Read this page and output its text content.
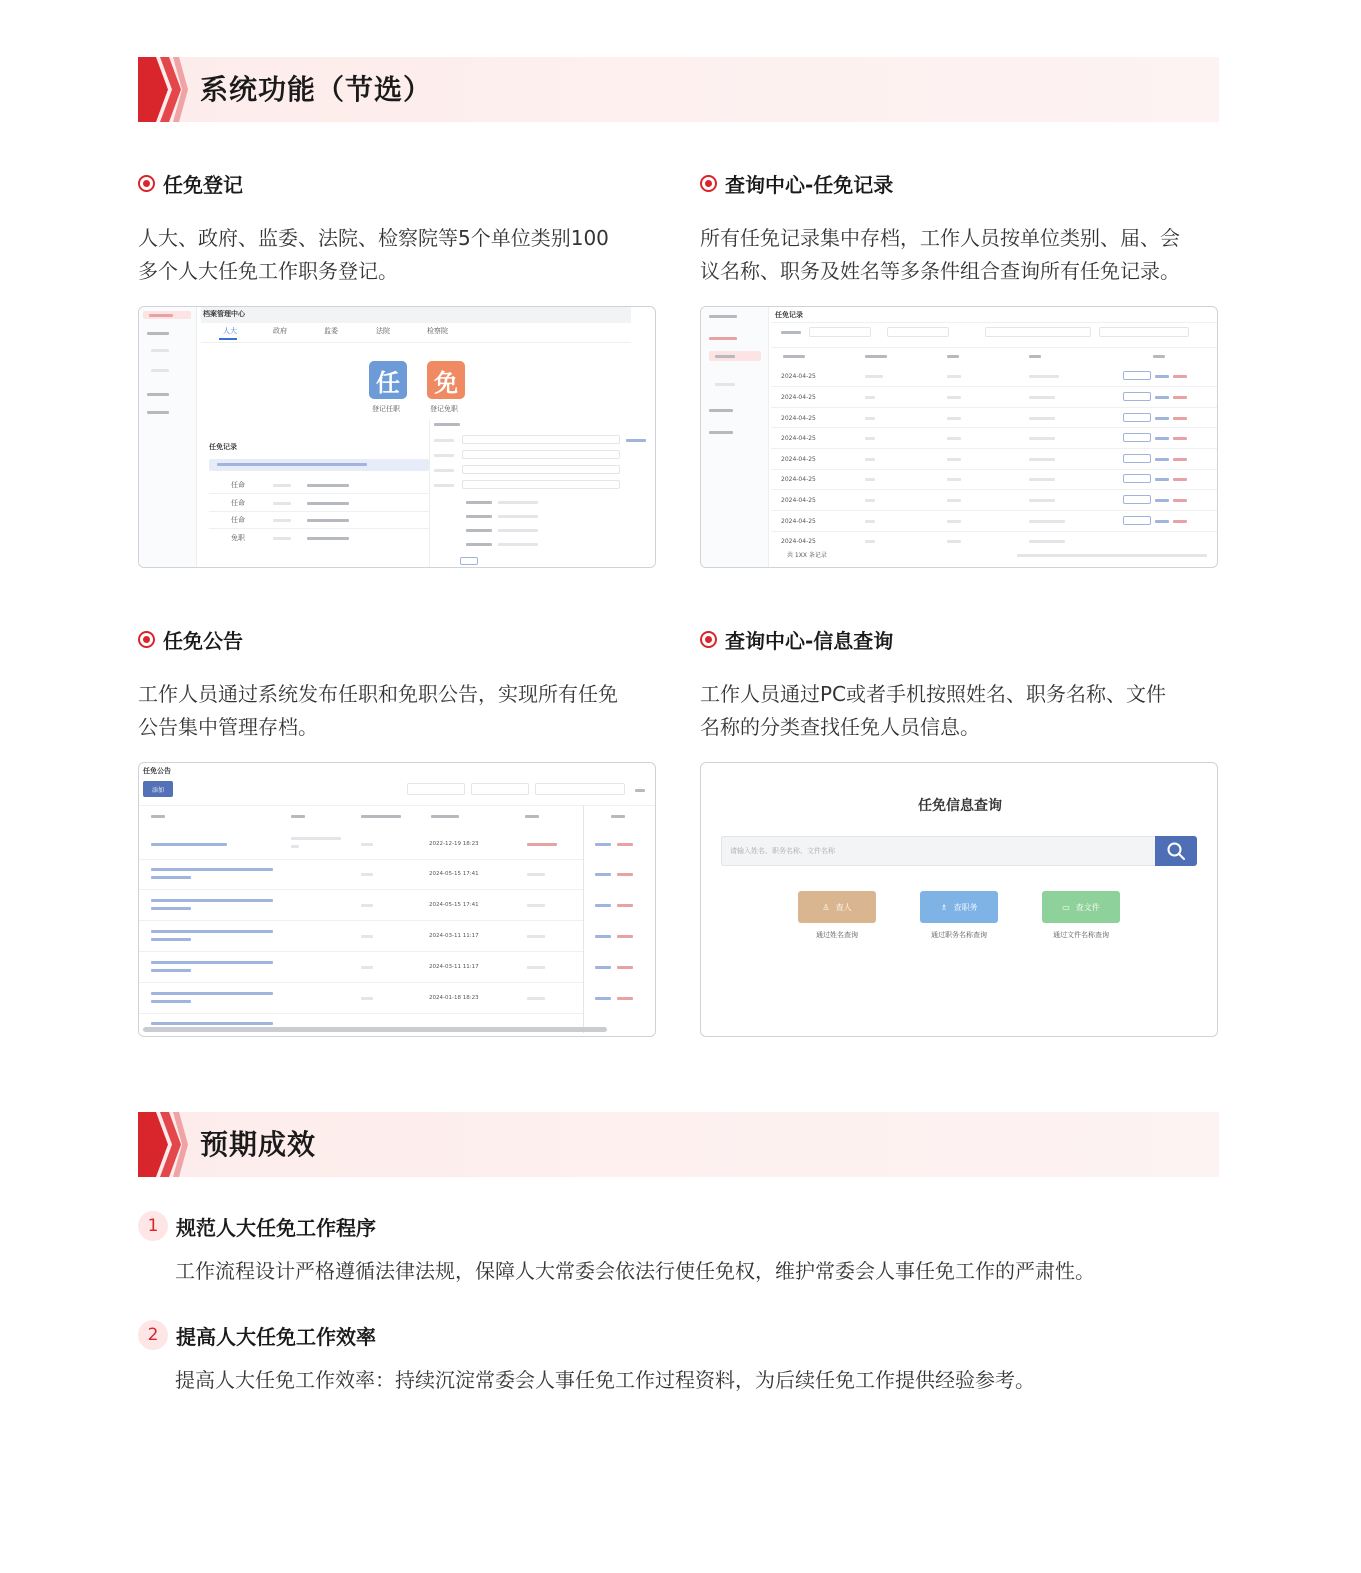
系统功能（节选）
任免登记
人大、政府、监委、法院、检察院等5个单位类别100
多个人大任免工作职务登记。
档案管理中心
人大	政府	监委	法院	检察院
任 免
登记任职	登记免职
任免记录
任命
任命
任命
免职
查询中心-任免记录
所有任免记录集中存档，工作人员按单位类别、届、会
议名称、职务及姓名等多条件组合查询所有任免记录。
任免记录
2024-04-25
2024-04-25
2024-04-25
2024-04-25
2024-04-25
2024-04-25
2024-04-25
2024-04-25
2024-04-25
共 1XX 条记录
任免公告
工作人员通过系统发布任职和免职公告，实现所有任免
公告集中管理存档。
任免公告
添加
2022-12-19 18:23
2024-05-15 17:41
2024-05-15 17:41
2024-03-11 11:17
2024-03-11 11:17
2024-01-18 18:23
查询中心-信息查询
工作人员通过PC或者手机按照姓名、职务名称、文件
名称的分类查找任免人员信息。
任免信息查询
请输入姓名、职务名称、文件名称
♙ 查人	♗ 查职务	▭ 查文件
通过姓名查询	通过职务名称查询	通过文件名称查询
预期成效
1 规范人大任免工作程序
工作流程设计严格遵循法律法规，保障人大常委会依法行使任免权，维护常委会人事任免工作的严肃性。
2 提高人大任免工作效率
提高人大任免工作效率：持续沉淀常委会人事任免工作过程资料，为后续任免工作提供经验参考。
